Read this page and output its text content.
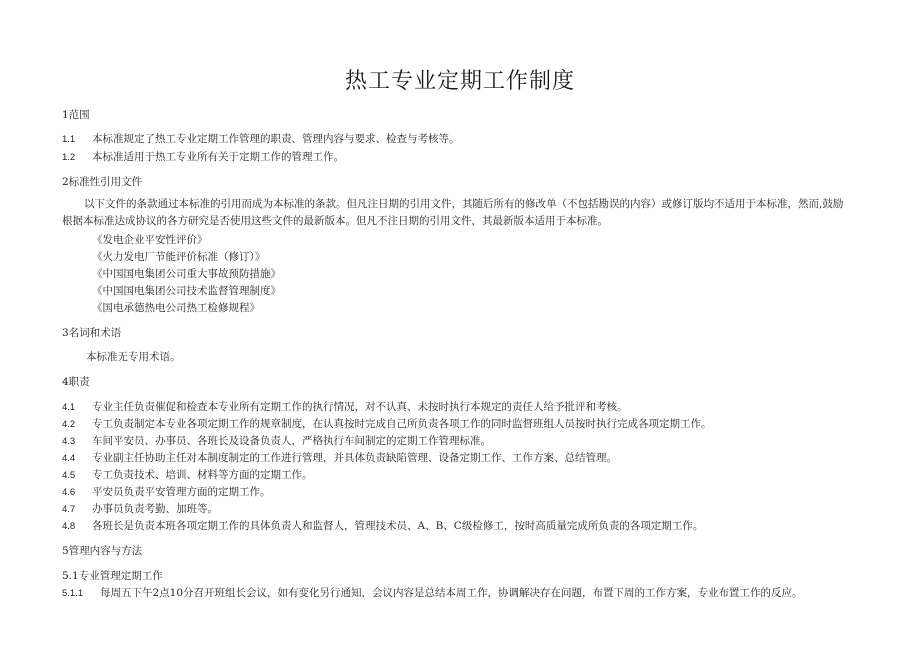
热工专业定期工作制度
1范围
1.1 本标准规定了热工专业定期工作管理的职责、管理内容与要求、检查与考核等。
1.2 本标准适用于热工专业所有关于定期工作的管理工作。
2标准性引用文件
以下文件的条款通过本标准的引用而成为本标准的条款。但凡注日期的引用文件，其随后所有的修改单（不包括勘误的内容）或修订版均不适用于本标准，然而,鼓励根据本标准达成协议的各方研究是否使用这些文件的最新版本。但凡不注日期的引用文件，其最新版本适用于本标准。
《发电企业平安性评价》
《火力发电厂节能评价标准（修订）》
《中国国电集团公司重大事故预防措施》
《中国国电集团公司技术监督管理制度》
《国电承德热电公司热工检修规程》
3名词和术语
本标准无专用术语。
4职责
4.1 专业主任负责催促和检查本专业所有定期工作的执行情况，对不认真、未按时执行本规定的责任人给予批评和考核。
4.2 专工负责制定本专业各项定期工作的规章制度，在认真按时完成自己所负责各项工作的同时监督班组人员按时执行完成各项定期工作。
4.3 车间平安员、办事员、各班长及设备负责人，严格执行车间制定的定期工作管理标准。
4.4 专业副主任协助主任对本制度制定的工作进行管理，并具体负责缺陷管理、设备定期工作、工作方案、总结管理。
4.5 专工负责技术、培训、材料等方面的定期工作。
4.6 平安员负责平安管理方面的定期工作。
4.7 办事员负责考勤、加班等。
4.8 各班长是负责本班各项定期工作的具体负责人和监督人，管理技术员、A、B、C级检修工，按时高质量完成所负责的各项定期工作。
5管理内容与方法
5.1专业管理定期工作
5.1.1 每周五下午2点10分召开班组长会议，如有变化另行通知，会议内容是总结本周工作，协调解决存在问题，布置下周的工作方案，专业布置工作的反应。
